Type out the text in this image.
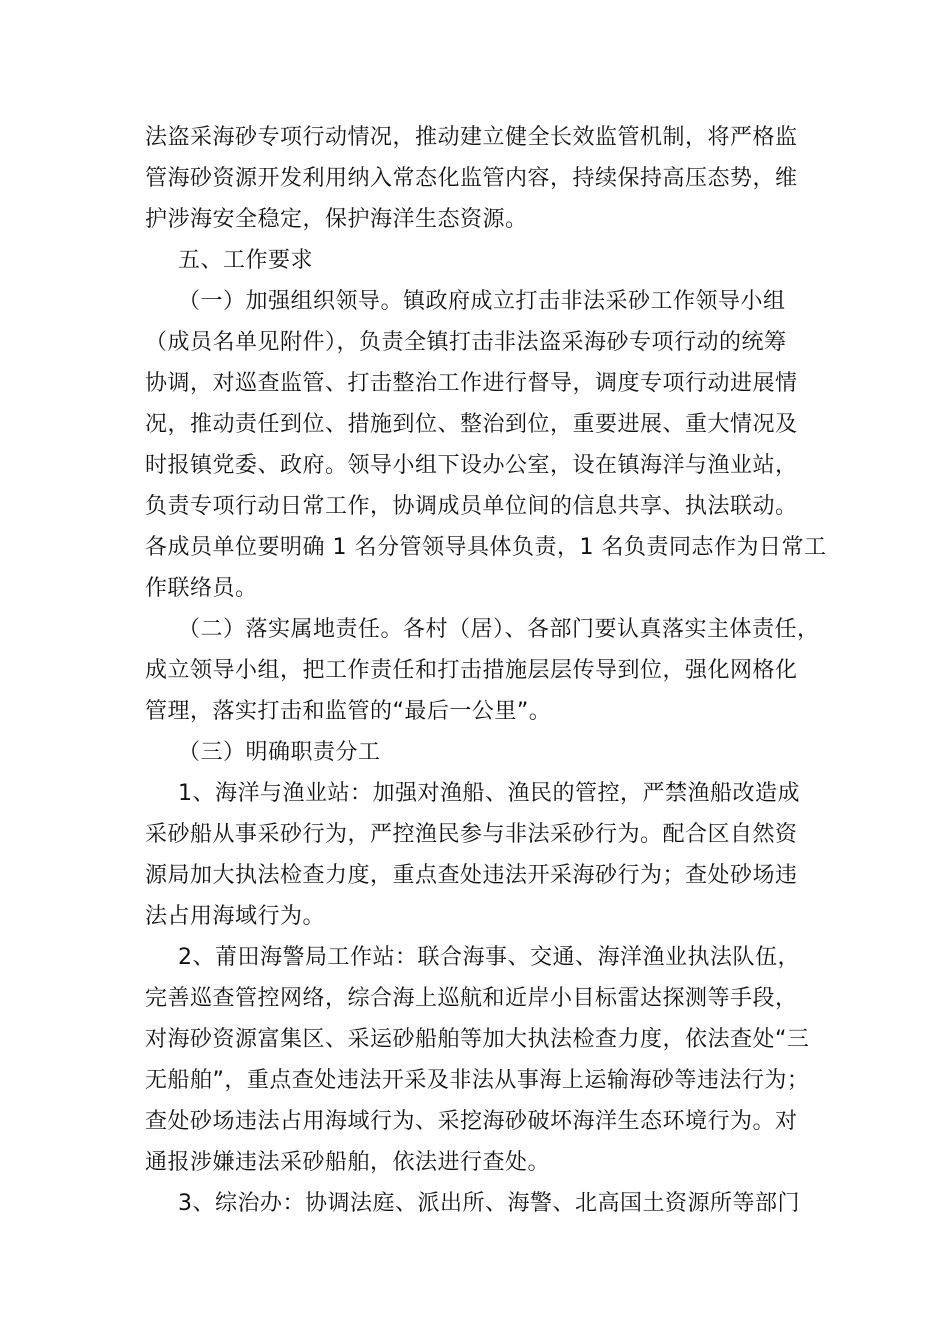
法盗采海砂专项行动情况，推动建立健全长效监管机制，将严格监
管海砂资源开发利用纳入常态化监管内容，持续保持高压态势，维
护涉海安全稳定，保护海洋生态资源。
五、工作要求
（一）加强组织领导。镇政府成立打击非法采砂工作领导小组
（成员名单见附件），负责全镇打击非法盗采海砂专项行动的统筹
协调，对巡查监管、打击整治工作进行督导，调度专项行动进展情
况，推动责任到位、措施到位、整治到位，重要进展、重大情况及
时报镇党委、政府。领导小组下设办公室，设在镇海洋与渔业站，
负责专项行动日常工作，协调成员单位间的信息共享、执法联动。
各成员单位要明确 1 名分管领导具体负责，1 名负责同志作为日常工
作联络员。
（二）落实属地责任。各村（居）、各部门要认真落实主体责任，
成立领导小组，把工作责任和打击措施层层传导到位，强化网格化
管理，落实打击和监管的“最后一公里”。
（三）明确职责分工
1、海洋与渔业站：加强对渔船、渔民的管控，严禁渔船改造成
采砂船从事采砂行为，严控渔民参与非法采砂行为。配合区自然资
源局加大执法检查力度，重点查处违法开采海砂行为；查处砂场违
法占用海域行为。
2、莆田海警局工作站：联合海事、交通、海洋渔业执法队伍，
完善巡查管控网络，综合海上巡航和近岸小目标雷达探测等手段，
对海砂资源富集区、采运砂船舶等加大执法检查力度，依法查处“三
无船舶”，重点查处违法开采及非法从事海上运输海砂等违法行为；
查处砂场违法占用海域行为、采挖海砂破坏海洋生态环境行为。对
通报涉嫌违法采砂船舶，依法进行查处。
3、综治办：协调法庭、派出所、海警、北高国土资源所等部门
